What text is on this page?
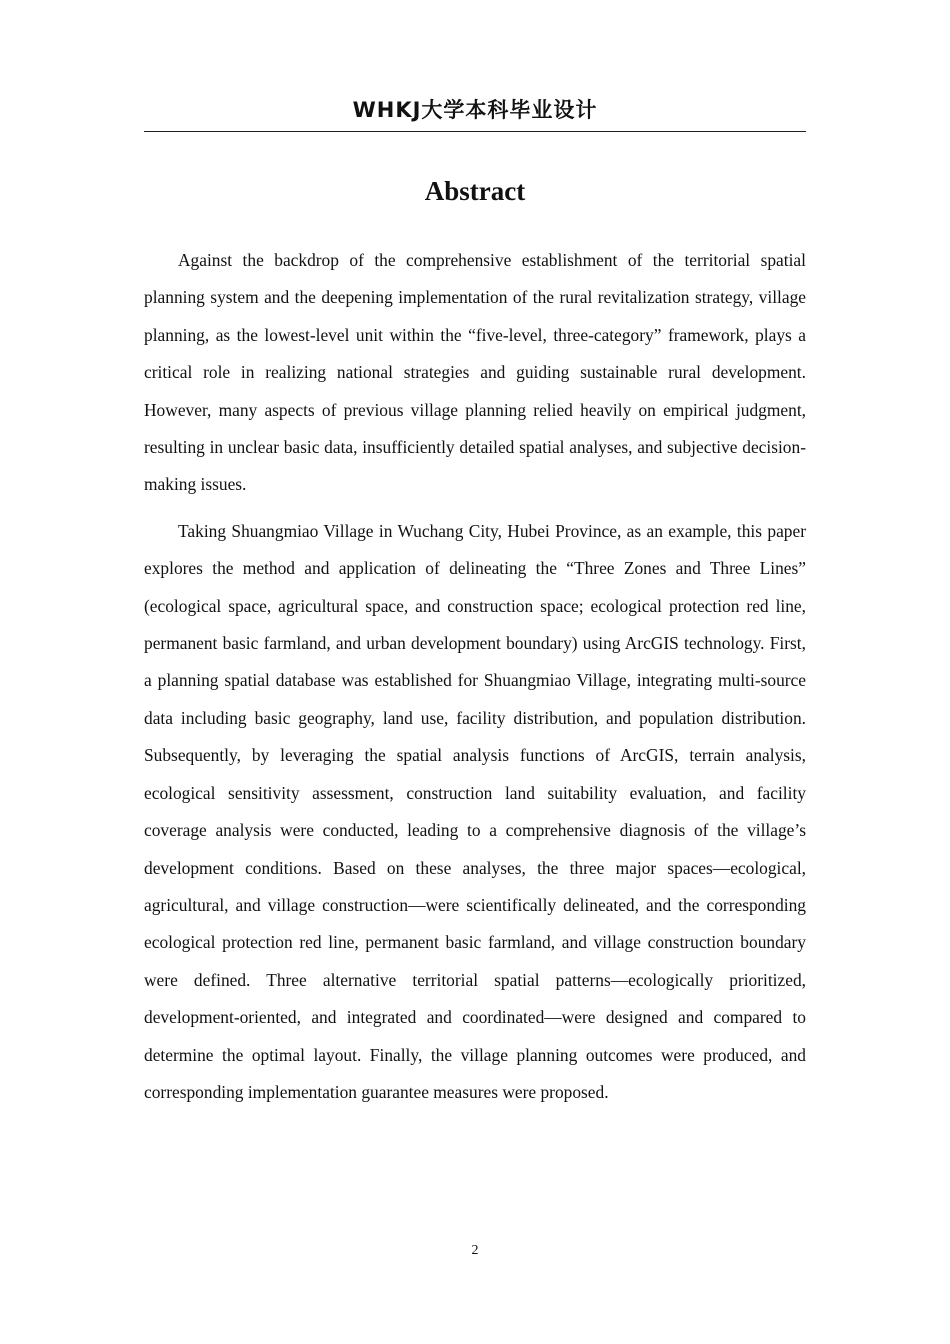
WHKJ大学本科毕业设计
Abstract

Against the backdrop of the comprehensive establishment of the territorial spatial planning system and the deepening implementation of the rural revitalization strategy, village planning, as the lowest-level unit within the “five-level, three-category” framework, plays a critical role in realizing national strategies and guiding sustainable rural development. However, many aspects of previous village planning relied heavily on empirical judgment, resulting in unclear basic data, insufficiently detailed spatial analyses, and subjective decision-making issues.

Taking Shuangmiao Village in Wuchang City, Hubei Province, as an example, this paper explores the method and application of delineating the “Three Zones and Three Lines” (ecological space, agricultural space, and construction space; ecological protection red line, permanent basic farmland, and urban development boundary) using ArcGIS technology. First, a planning spatial database was established for Shuangmiao Village, integrating multi-source data including basic geography, land use, facility distribution, and population distribution. Subsequently, by leveraging the spatial analysis functions of ArcGIS, terrain analysis, ecological sensitivity assessment, construction land suitability evaluation, and facility coverage analysis were conducted, leading to a comprehensive diagnosis of the village’s development conditions. Based on these analyses, the three major spaces—ecological, agricultural, and village construction—were scientifically delineated, and the corresponding ecological protection red line, permanent basic farmland, and village construction boundary were defined. Three alternative territorial spatial patterns—ecologically prioritized, development-oriented, and integrated and coordinated—were designed and compared to determine the optimal layout. Finally, the village planning outcomes were produced, and corresponding implementation guarantee measures were proposed.

2
